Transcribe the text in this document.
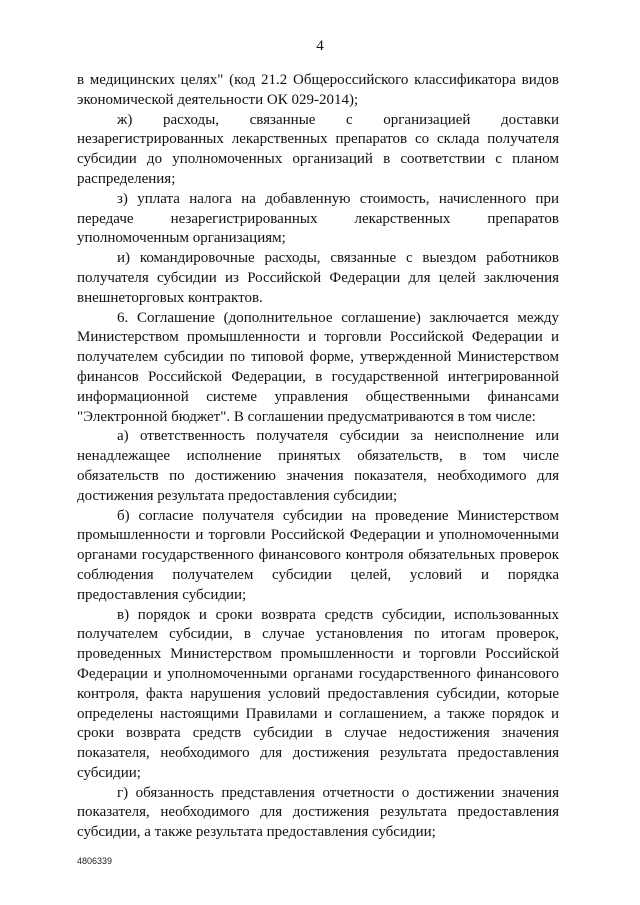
4

в медицинских целях" (код 21.2 Общероссийского классификатора видов экономической деятельности ОК 029-2014);

ж) расходы, связанные с организацией доставки незарегистрированных лекарственных препаратов со склада получателя субсидии до уполномоченных организаций в соответствии с планом распределения;

з) уплата налога на добавленную стоимость, начисленного при передаче незарегистрированных лекарственных препаратов уполномоченным организациям;

и) командировочные расходы, связанные с выездом работников получателя субсидии из Российской Федерации для целей заключения внешнеторговых контрактов.

6. Соглашение (дополнительное соглашение) заключается между Министерством промышленности и торговли Российской Федерации и получателем субсидии по типовой форме, утвержденной Министерством финансов Российской Федерации, в государственной интегрированной информационной системе управления общественными финансами "Электронной бюджет". В соглашении предусматриваются в том числе:

а) ответственность получателя субсидии за неисполнение или ненадлежащее исполнение принятых обязательств, в том числе обязательств по достижению значения показателя, необходимого для достижения результата предоставления субсидии;

б) согласие получателя субсидии на проведение Министерством промышленности и торговли Российской Федерации и уполномоченными органами государственного финансового контроля обязательных проверок соблюдения получателем субсидии целей, условий и порядка предоставления субсидии;

в) порядок и сроки возврата средств субсидии, использованных получателем субсидии, в случае установления по итогам проверок, проведенных Министерством промышленности и торговли Российской Федерации и уполномоченными органами государственного финансового контроля, факта нарушения условий предоставления субсидии, которые определены настоящими Правилами и соглашением, а также порядок и сроки возврата средств субсидии в случае недостижения значения показателя, необходимого для достижения результата предоставления субсидии;

г) обязанность представления отчетности о достижении значения показателя, необходимого для достижения результата предоставления субсидии, а также результата предоставления субсидии;

4806339
